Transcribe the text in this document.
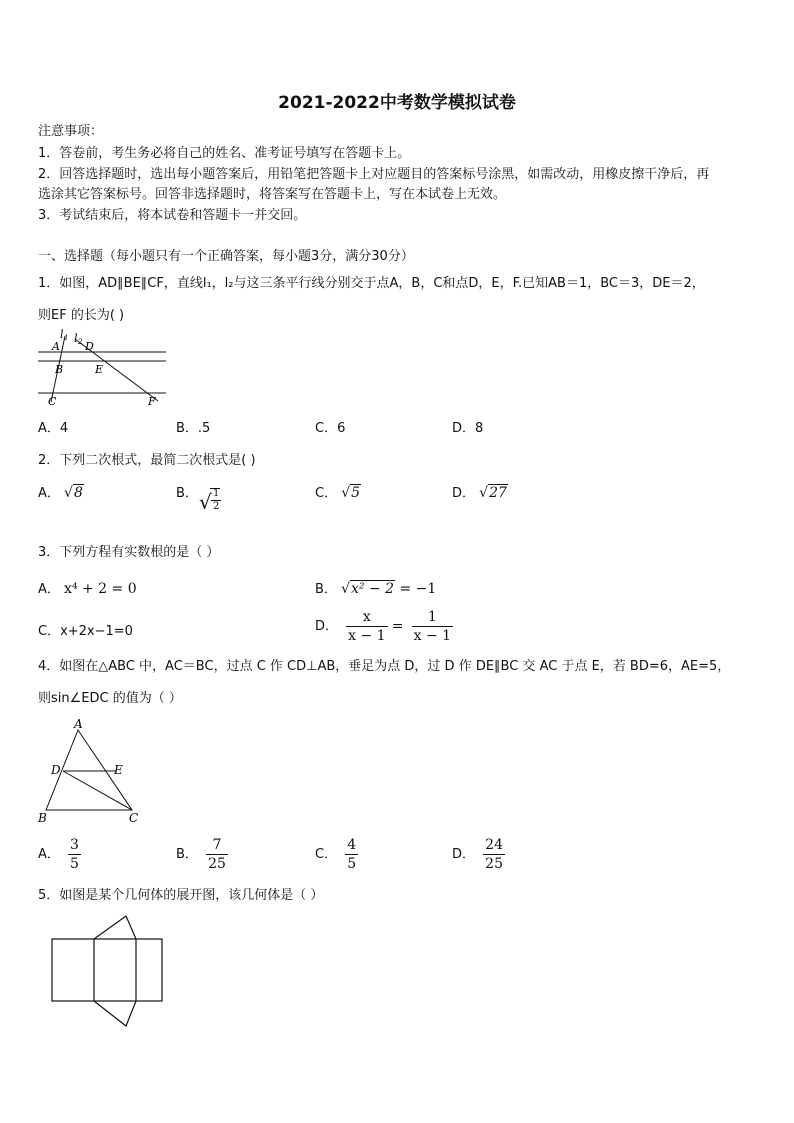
2021-2022中考数学模拟试卷
注意事项：
1．答卷前，考生务必将自己的姓名、准考证号填写在答题卡上。
2．回答选择题时，选出每小题答案后，用铅笔把答题卡上对应题目的答案标号涂黑，如需改动，用橡皮擦干净后，再
选涂其它答案标号。回答非选择题时，将答案写在答题卡上，写在本试卷上无效。
3．考试结束后，将本试卷和答题卡一并交回。
一、选择题（每小题只有一个正确答案，每小题3分，满分30分）
1．如图，AD∥BE∥CF，直线l₁，l₂与这三条平行线分别交于点A，B，C和点D，E，F.已知AB＝1，BC＝3，DE＝2，
则EF 的长为( )
l 1 l 2
A D
B	E
C	F
A．4	B．.5	C．6	D．8
2．下列二次根式，最简二次根式是( )
A． √8	B． √ $\frac{1}{2}$	C． √5	D． √27
3．下列方程有实数根的是（ ）
A． x⁴ + 2 = 0	B． √x² − 2 = −1
C．x+2x−1=0	D． $\frac{x}{x - 1} = \frac{1}{x - 1}$
4．如图在△ABC 中，AC＝BC，过点 C 作 CD⊥AB，垂足为点 D，过 D 作 DE∥BC 交 AC 于点 E，若 BD=6，AE=5，
则sin∠EDC 的值为（ ）
A
D	E
B	C
A． $\frac{3}{5}$	B． $\frac{7}{25}$	C． $\frac{4}{5}$	D． $\frac{24}{25}$
5．如图是某个几何体的展开图，该几何体是（ ）
